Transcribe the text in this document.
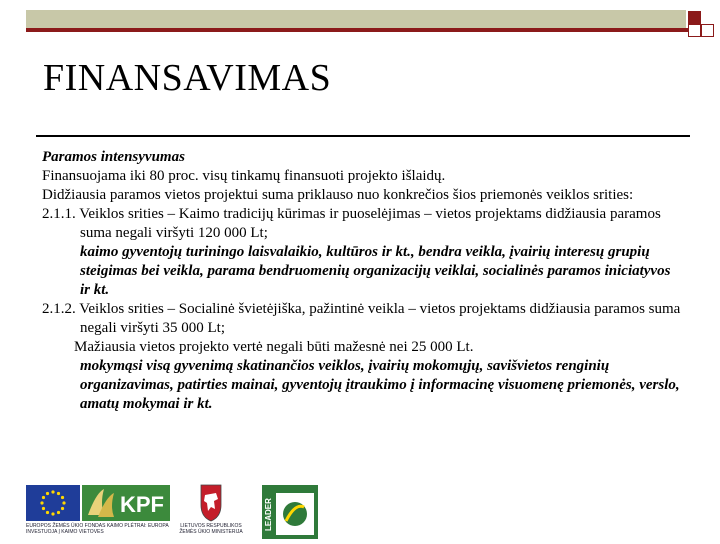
FINANSAVIMAS

Paramos intensyvumas

Finansuojama iki 80 proc. visų tinkamų finansuoti projekto išlaidų.

Didžiausia paramos vietos projektui suma priklauso nuo konkrečios šios priemonės veiklos srities:

2.1.1. Veiklos srities – Kaimo tradicijų kūrimas ir puoselėjimas – vietos projektams didžiausia paramos suma negali viršyti 120 000 Lt;

kaimo gyventojų turiningo laisvalaikio, kultūros ir kt., bendra veikla, įvairių interesų grupių steigimas bei veikla, parama bendruomenių organizacijų veiklai, socialinės paramos iniciatyvos ir kt.

2.1.2. Veiklos srities – Socialinė švietėjiška, pažintinė veikla – vietos projektams didžiausia paramos suma negali viršyti 35 000 Lt;

Mažiausia vietos projekto vertė negali būti mažesnė nei 25 000 Lt.

mokymąsi visą gyvenimą skatinančios veiklos, įvairių mokomųjų, savišvietos renginių organizavimas, patirties mainai, gyventojų įtraukimo į informacinę visuomenę priemonės, verslo, amatų mokymai ir kt.

KPF
EUROPOS ŽEMĖS ŪKIO FONDAS KAIMO PLĖTRAI: EUROPA INVESTUOJA Į KAIMO VIETOVES
LIETUVOS RESPUBLIKOS ŽEMĖS ŪKIO MINISTERIJA
LEADER
